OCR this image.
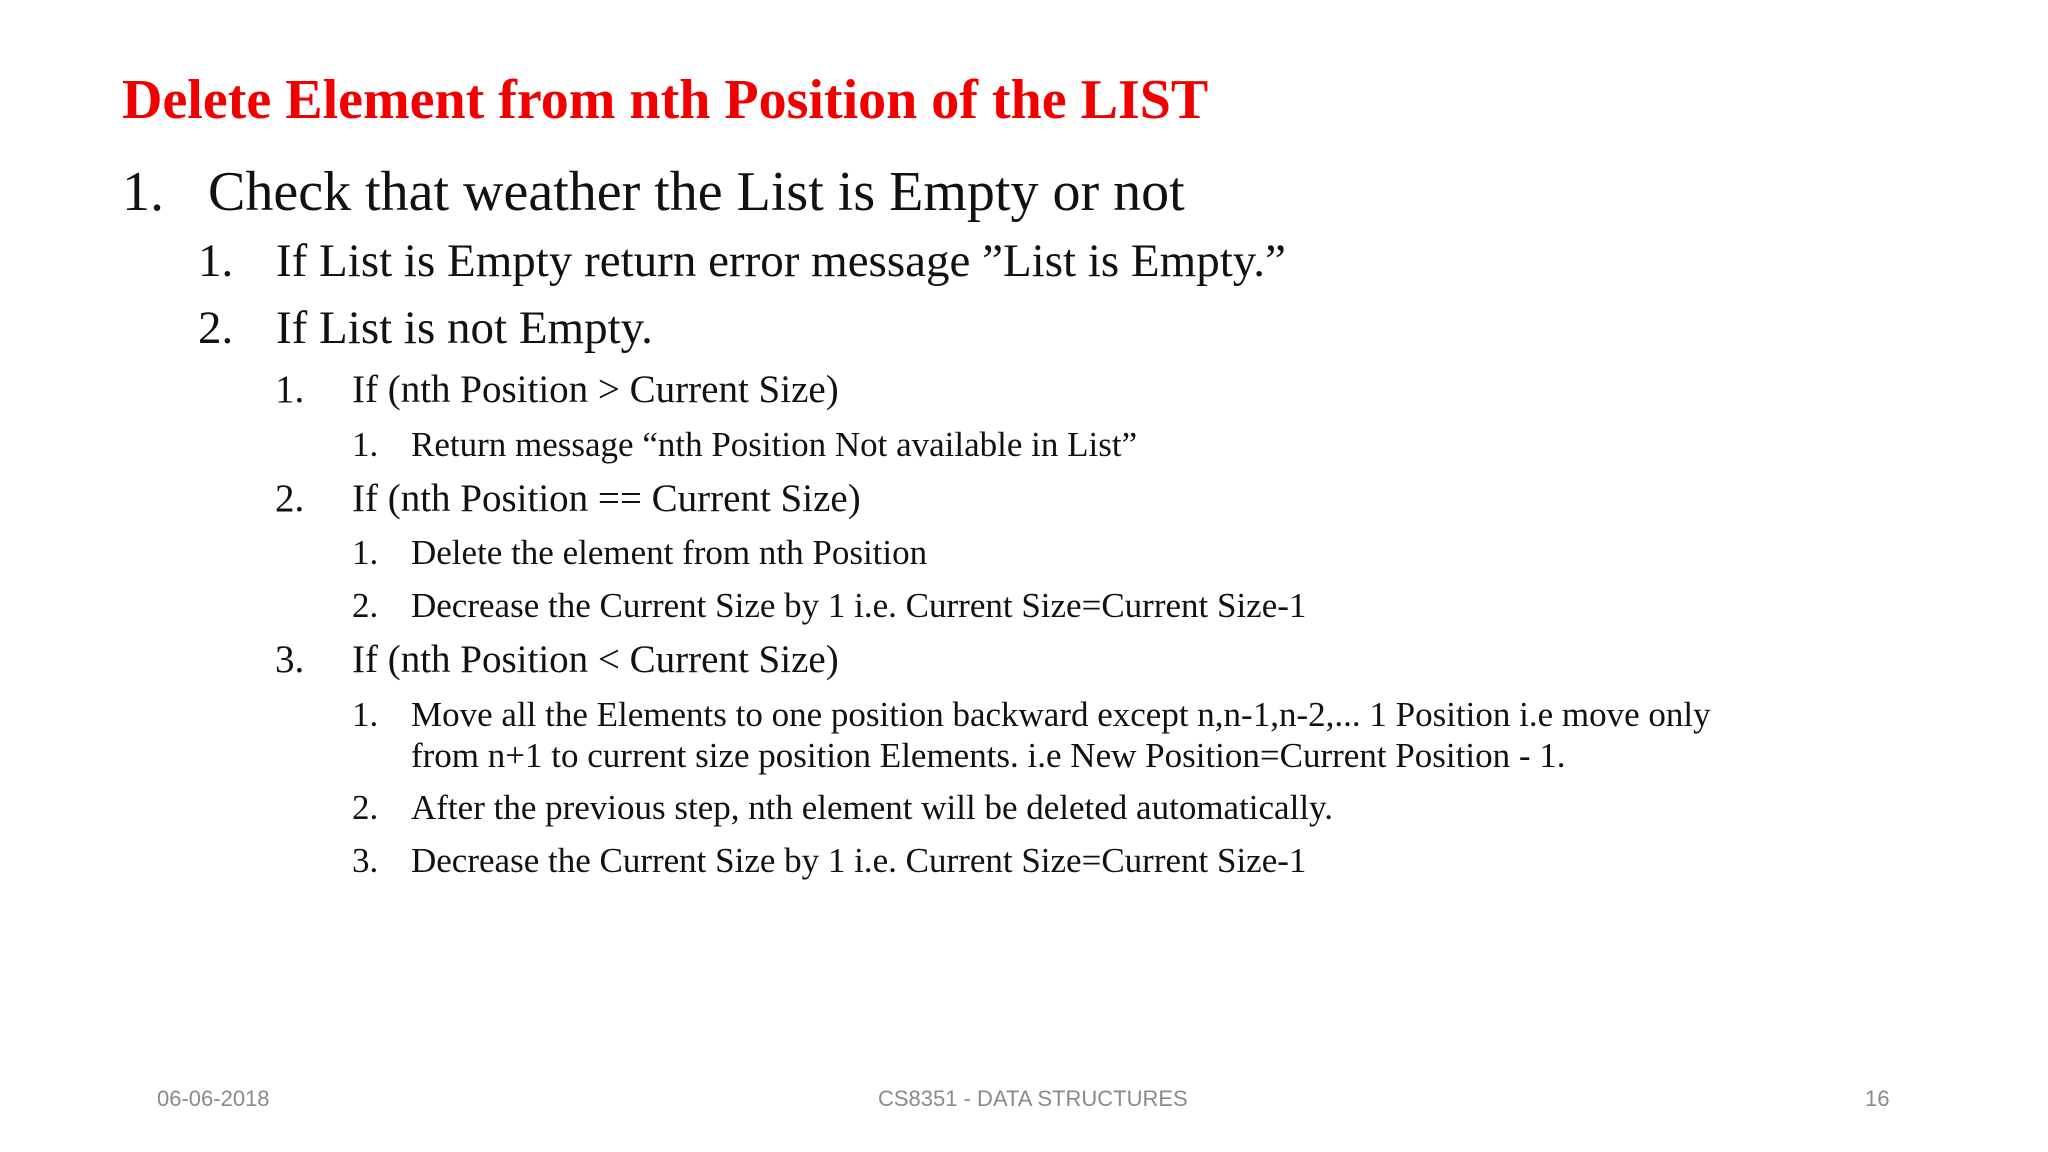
Delete Element from nth Position of the LIST
1. Check that weather the List is Empty or not
1. If List is Empty return error message ”List is Empty.”
2. If List is not Empty.
1. If (nth Position > Current Size)
1. Return message “nth Position Not available in List”
2. If (nth Position == Current Size)
1. Delete the element from nth Position
2. Decrease the Current Size by 1 i.e. Current Size=Current Size-1
3. If (nth Position < Current Size)
1. Move all the Elements to one position backward except n,n-1,n-2,... 1 Position i.e move only
from n+1 to current size position Elements. i.e New Position=Current Position - 1.
2. After the previous step, nth element will be deleted automatically.
3. Decrease the Current Size by 1 i.e. Current Size=Current Size-1
06-06-2018	CS8351 - DATA STRUCTURES	16
